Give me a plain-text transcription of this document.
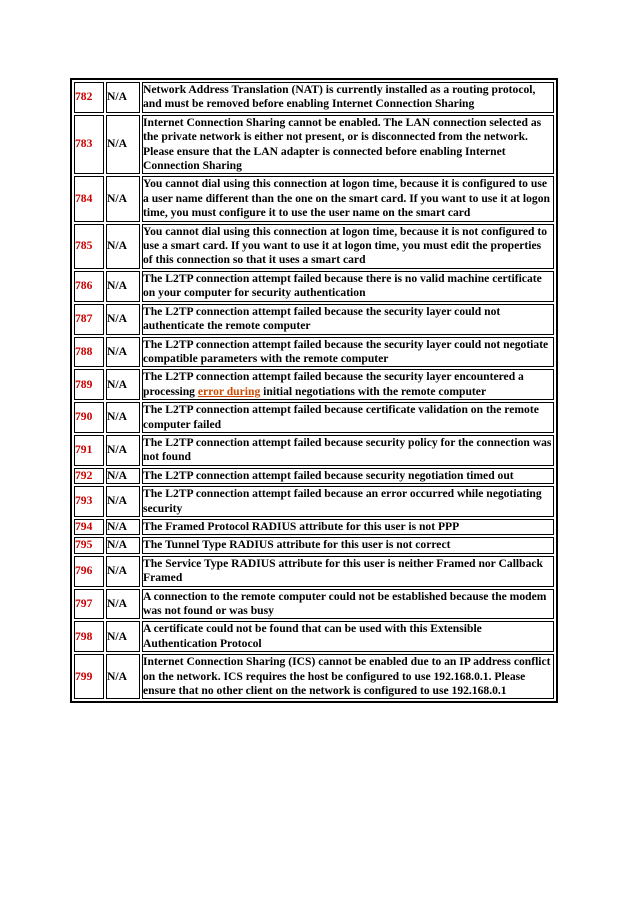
782	N/A	Network Address Translation (NAT) is currently installed as a routing protocol, and must be removed before enabling Internet Connection Sharing
783	N/A	Internet Connection Sharing cannot be enabled. The LAN connection selected as the private network is either not present, or is disconnected from the network. Please ensure that the LAN adapter is connected before enabling Internet Connection Sharing
784	N/A	You cannot dial using this connection at logon time, because it is configured to use a user name different than the one on the smart card. If you want to use it at logon time, you must configure it to use the user name on the smart card
785	N/A	You cannot dial using this connection at logon time, because it is not configured to use a smart card. If you want to use it at logon time, you must edit the properties of this connection so that it uses a smart card
786	N/A	The L2TP connection attempt failed because there is no valid machine certificate on your computer for security authentication
787	N/A	The L2TP connection attempt failed because the security layer could not authenticate the remote computer
788	N/A	The L2TP connection attempt failed because the security layer could not negotiate compatible parameters with the remote computer
789	N/A	The L2TP connection attempt failed because the security layer encountered a processing error during initial negotiations with the remote computer
790	N/A	The L2TP connection attempt failed because certificate validation on the remote computer failed
791	N/A	The L2TP connection attempt failed because security policy for the connection was not found
792	N/A	The L2TP connection attempt failed because security negotiation timed out
793	N/A	The L2TP connection attempt failed because an error occurred while negotiating security
794	N/A	The Framed Protocol RADIUS attribute for this user is not PPP
795	N/A	The Tunnel Type RADIUS attribute for this user is not correct
796	N/A	The Service Type RADIUS attribute for this user is neither Framed nor Callback Framed
797	N/A	A connection to the remote computer could not be established because the modem was not found or was busy
798	N/A	A certificate could not be found that can be used with this Extensible Authentication Protocol
799	N/A	Internet Connection Sharing (ICS) cannot be enabled due to an IP address conflict on the network. ICS requires the host be configured to use 192.168.0.1. Please ensure that no other client on the network is configured to use 192.168.0.1
